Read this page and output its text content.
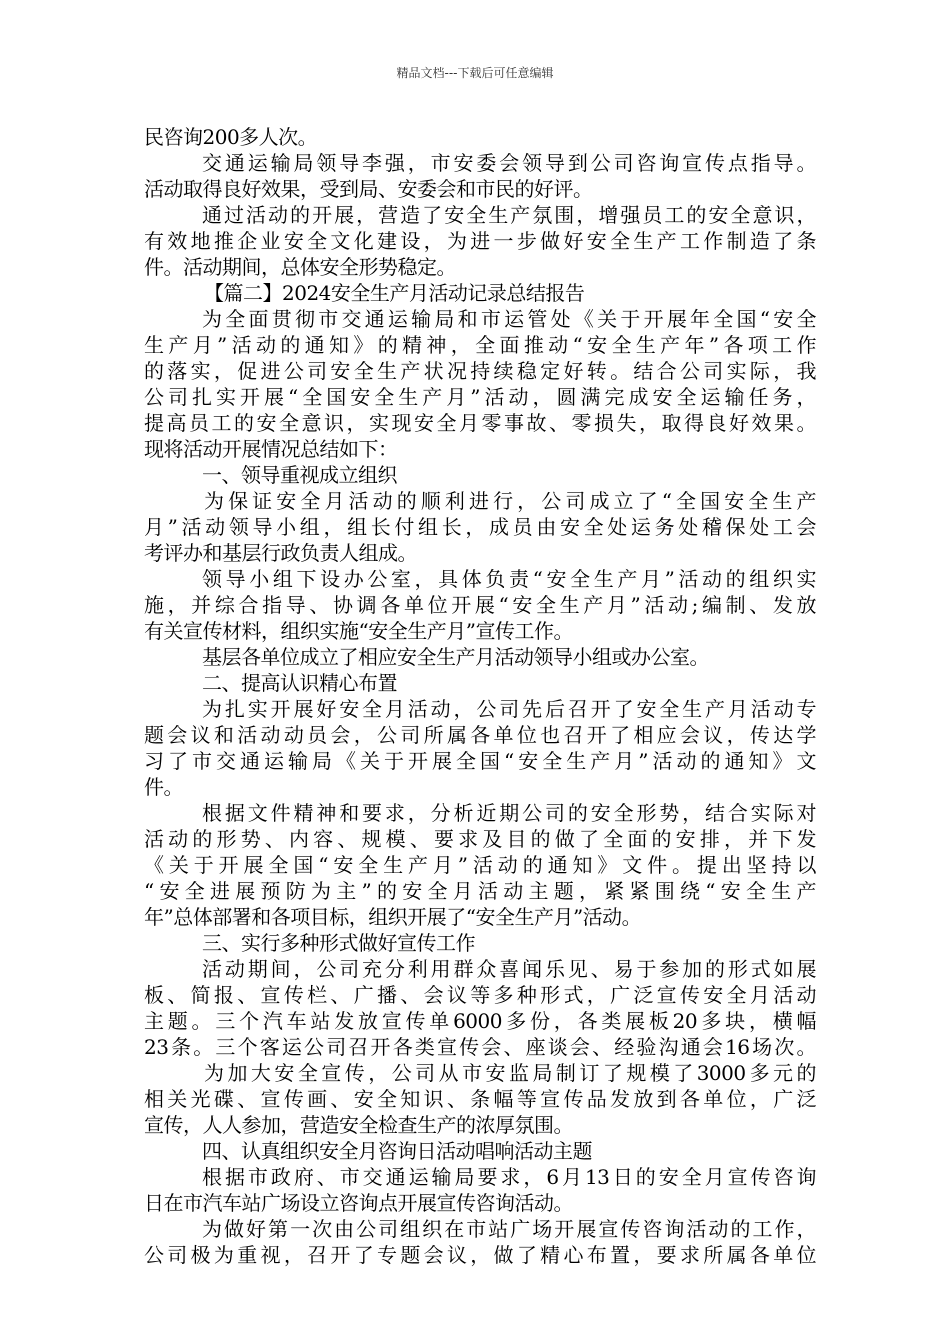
精品文档---下载后可任意编辑
民咨询200多人次。
交通运输局领导李强，市安委会领导到公司咨询宣传点指导。
活动取得良好效果，受到局、安委会和市民的好评。
通过活动的开展，营造了安全生产氛围，增强员工的安全意识，
有效地推企业安全文化建设，为进一步做好安全生产工作制造了条
件。活动期间，总体安全形势稳定。
【篇二】2024安全生产月活动记录总结报告
为全面贯彻市交通运输局和市运管处《关于开展年全国“安全
生产月”活动的通知》的精神，全面推动“安全生产年”各项工作
的落实，促进公司安全生产状况持续稳定好转。结合公司实际，我
公司扎实开展“全国安全生产月”活动，圆满完成安全运输任务，
提高员工的安全意识，实现安全月零事故、零损失，取得良好效果。
现将活动开展情况总结如下：
一、领导重视成立组织
为保证安全月活动的顺利进行，公司成立了“全国安全生产
月”活动领导小组，组长付组长，成员由安全处运务处稽保处工会
考评办和基层行政负责人组成。
领导小组下设办公室，具体负责“安全生产月”活动的组织实
施，并综合指导、协调各单位开展“安全生产月”活动;编制、发放
有关宣传材料，组织实施“安全生产月”宣传工作。
基层各单位成立了相应安全生产月活动领导小组或办公室。
二、提高认识精心布置
为扎实开展好安全月活动，公司先后召开了安全生产月活动专
题会议和活动动员会，公司所属各单位也召开了相应会议，传达学
习了市交通运输局《关于开展全国“安全生产月”活动的通知》文
件。
根据文件精神和要求，分析近期公司的安全形势，结合实际对
活动的形势、内容、规模、要求及目的做了全面的安排，并下发
《关于开展全国“安全生产月”活动的通知》文件。提出坚持以
“安全进展预防为主”的安全月活动主题，紧紧围绕“安全生产
年”总体部署和各项目标，组织开展了“安全生产月”活动。
三、实行多种形式做好宣传工作
活动期间，公司充分利用群众喜闻乐见、易于参加的形式如展
板、简报、宣传栏、广播、会议等多种形式，广泛宣传安全月活动
主题。三个汽车站发放宣传单6000多份，各类展板20多块，横幅
23条。三个客运公司召开各类宣传会、座谈会、经验沟通会16场次。
为加大安全宣传，公司从市安监局制订了规模了3000多元的
相关光碟、宣传画、安全知识、条幅等宣传品发放到各单位，广泛
宣传，人人参加，营造安全检查生产的浓厚氛围。
四、认真组织安全月咨询日活动唱响活动主题
根据市政府、市交通运输局要求，6月13日的安全月宣传咨询
日在市汽车站广场设立咨询点开展宣传咨询活动。
为做好第一次由公司组织在市站广场开展宣传咨询活动的工作，
公司极为重视，召开了专题会议，做了精心布置，要求所属各单位
